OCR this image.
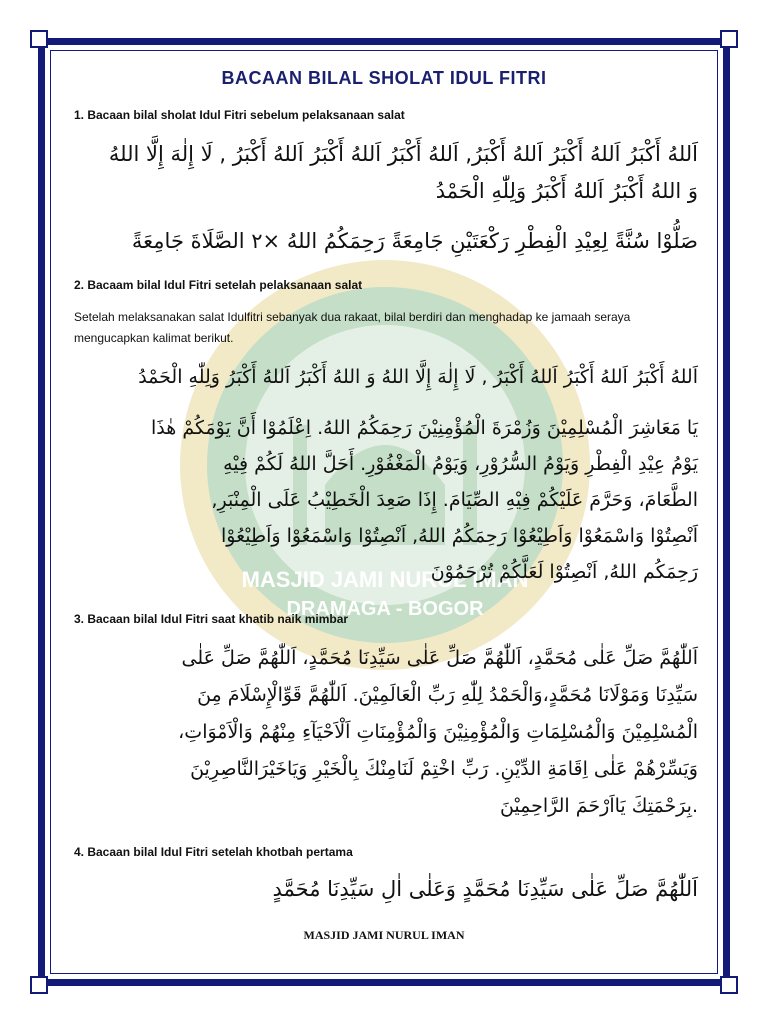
MASJID JAMI NURUL IMAN
DRAMAGA - BOGOR
BACAAN BILAL SHOLAT IDUL FITRI
1. Bacaan bilal sholat Idul Fitri sebelum pelaksanaan salat
اَللهُ أَكْبَرُ اَللهُ أَكْبَرُ اَللهُ أَكْبَرُ, اَللهُ أَكْبَرُ اَللهُ أَكْبَرُ اَللهُ أَكْبَرُ , لَا إِلٰهَ إِلَّا اللهُ
وَ اللهُ أَكْبَرُ اَللهُ أَكْبَرُ وَلِلّٰهِ الْحَمْدُ
صَلُّوْا سُنَّةً لِعِيْدِ الْفِطْرِ رَكْعَتَيْنِ جَامِعَةً رَحِمَكُمُ اللهُ ×٢ الصَّلَاةَ جَامِعَةً
2. Bacaam bilal Idul Fitri setelah pelaksanaan salat
Setelah melaksanakan salat Idulfitri sebanyak dua rakaat, bilal berdiri dan menghadap ke jamaah seraya mengucapkan kalimat berikut.
اَللهُ أَكْبَرُ اَللهُ أَكْبَرُ اَللهُ أَكْبَرُ , لَا إِلٰهَ إِلَّا اللهُ وَ اللهُ أَكْبَرُ اَللهُ أَكْبَرُ وَلِلّٰهِ الْحَمْدُ
يَا مَعَاشِرَ الْمُسْلِمِيْنَ وَزُمْرَةَ الْمُؤْمِنِيْنَ رَحِمَكُمُ اللهُ. اِعْلَمُوْا أَنَّ يَوْمَكُمْ هٰذَا
يَوْمُ عِيْدِ الْفِطْرِ وَيَوْمُ السُّرُوْرِ، وَيَوْمُ الْمَغْفُوْرِ. أَحَلَّ اللهُ لَكُمْ فِيْهِ
الطَّعَامَ، وَحَرَّمَ عَلَيْكُمْ فِيْهِ الصِّيَامَ. إِذَا صَعِدَ الْخَطِيْبُ عَلَى الْمِنْبَرِ,
اَنْصِتُوْا وَاسْمَعُوْا وَاَطِيْعُوْا رَحِمَكُمُ اللهُ, اَنْصِتُوْا وَاسْمَعُوْا وَاَطِيْعُوْا
رَحِمَكُم اللهُ, اَنْصِتُوْا لَعَلَّكُمْ تُرْحَمُوْنَ
3. Bacaan bilal Idul Fitri saat khatib naik mimbar
اَللّٰهُمَّ صَلِّ عَلٰى مُحَمَّدٍ، اَللّٰهُمَّ صَلِّ عَلٰى سَيِّدِنَا مُحَمَّدٍ، اَللّٰهُمَّ صَلِّ عَلٰى
سَيِّدِنَا وَمَوْلَانَا مُحَمَّدٍ،وَالْحَمْدُ لِلّٰهِ رَبِّ الْعَالَمِيْنَ. اَللّٰهُمَّ قَوِّالْإِسْلَامَ مِنَ
الْمُسْلِمِيْنَ وَالْمُسْلِمَاتِ وَالْمُؤْمِنِيْنَ وَالْمُؤْمِنَاتِ اَلْاَحْيَآءِ مِنْهُمْ وَالْاَمْوَاتِ،
وَيَسِّرْهُمْ عَلٰى اِقَامَةِ الدِّيْنِ. رَبِّ اخْتِمْ لَنَامِنْكَ بِالْخَيْرِ وَيَاخَيْرَالنَّاصِرِيْنَ
.بِرَحْمَتِكَ يَااَرْحَمَ الرَّاحِمِيْنَ
4. Bacaan bilal Idul Fitri setelah khotbah pertama
اَللّٰهُمَّ صَلِّ عَلٰى سَيِّدِنَا مُحَمَّدٍ وَعَلٰى اٰلِ سَيِّدِنَا مُحَمَّدٍ
MASJID JAMI NURUL IMAN
